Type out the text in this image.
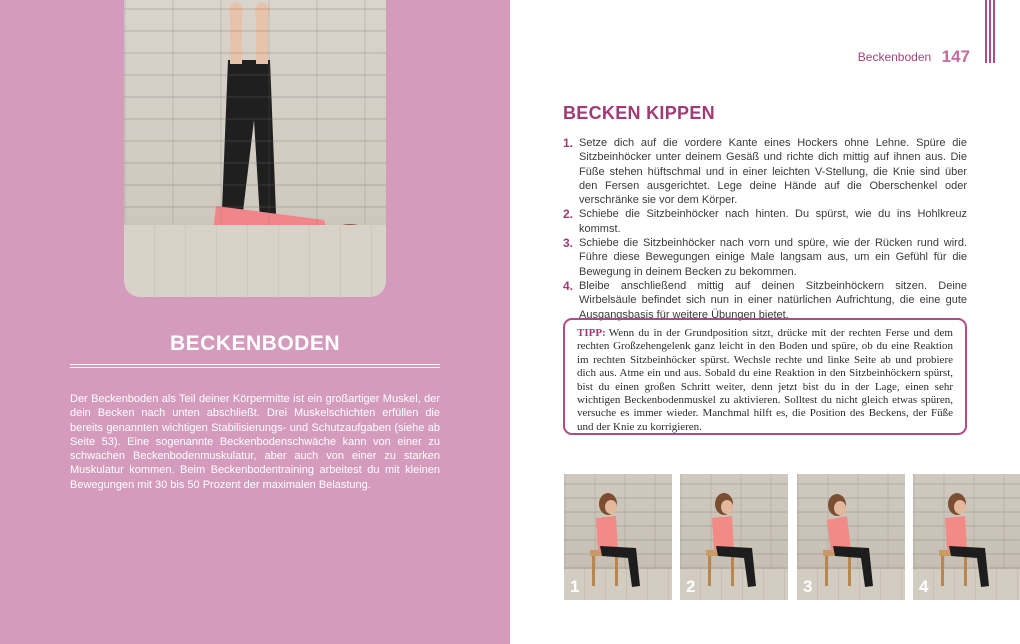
BECKENBODEN
Der Beckenboden als Teil deiner Körpermitte ist ein großartiger Muskel, der dein Becken nach unten abschließt. Drei Muskelschichten erfüllen die bereits genannten wichtigen Stabilisierungs- und Schutzaufgaben (siehe ab Seite 53). Eine sogenannte Beckenbodenschwäche kann von einer zu schwachen Beckenbodenmuskulatur, aber auch von einer zu starken Muskulatur kommen. Beim Beckenbodentraining arbeitest du mit kleinen Bewegungen mit 30 bis 50 Prozent der maximalen Belastung.
Beckenboden 147
BECKEN KIPPEN
1. Setze dich auf die vordere Kante eines Hockers ohne Lehne. Spüre die Sitzbeinhöcker unter deinem Gesäß und richte dich mittig auf ihnen aus. Die Füße stehen hüftschmal und in einer leichten V-Stellung, die Knie sind über den Fersen ausgerichtet. Lege deine Hände auf die Oberschenkel oder verschränke sie vor dem Körper.
2. Schiebe die Sitzbeinhöcker nach hinten. Du spürst, wie du ins Hohlkreuz kommst.
3. Schiebe die Sitzbeinhöcker nach vorn und spüre, wie der Rücken rund wird. Führe diese Bewegungen einige Male langsam aus, um ein Gefühl für die Bewegung in deinem Becken zu bekommen.
4. Bleibe anschließend mittig auf deinen Sitzbeinhöckern sitzen. Deine Wirbelsäule befindet sich nun in einer natürlichen Aufrichtung, die eine gute Ausgangsbasis für weitere Übungen bietet.
TIPP: Wenn du in der Grundposition sitzt, drücke mit der rechten Ferse und dem rechten Großzehengelenk ganz leicht in den Boden und spüre, ob du eine Reaktion im rechten Sitzbeinhöcker spürst. Wechsle rechte und linke Seite ab und probiere dich aus. Atme ein und aus. Sobald du eine Reaktion in den Sitzbeinhöckern spürst, bist du einen großen Schritt weiter, denn jetzt bist du in der Lage, einen sehr wichtigen Beckenbodenmuskel zu aktivieren. Solltest du nicht gleich etwas spüren, versuche es immer wieder. Manchmal hilft es, die Position des Beckens, der Füße und der Knie zu korrigieren.
1	2	3	4
